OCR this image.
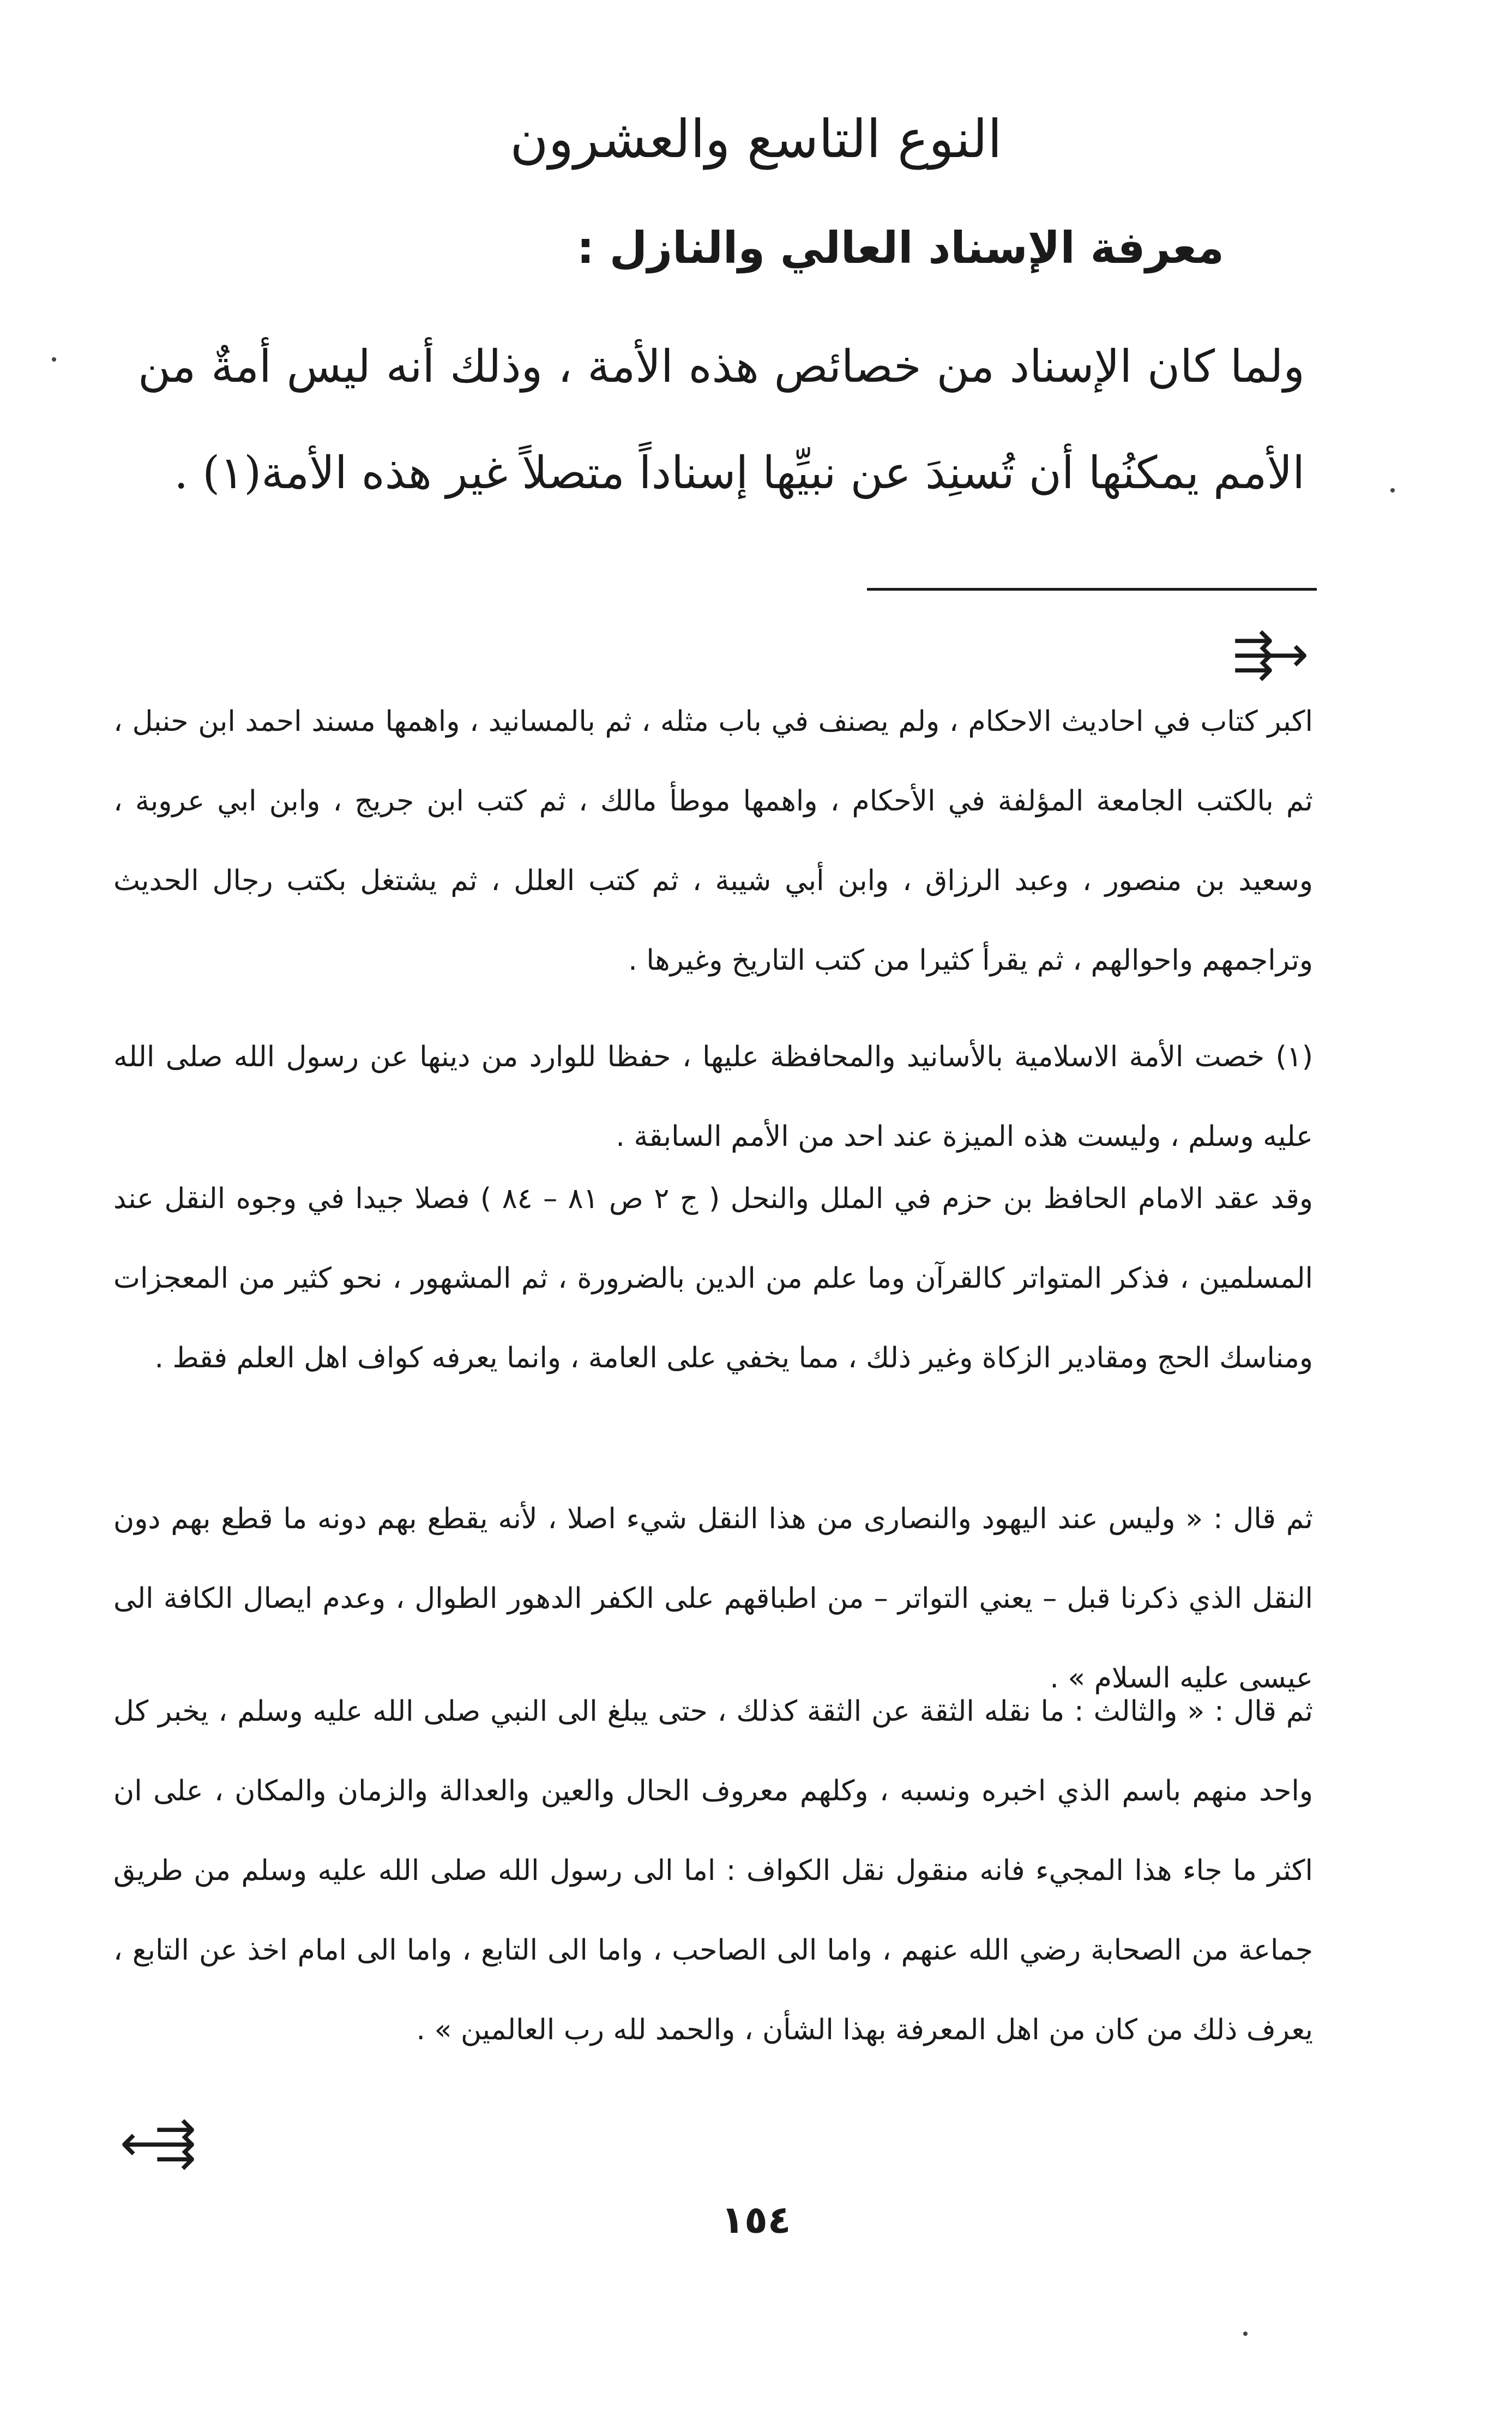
النوع التاسع والعشرون
معرفة الإسناد العالي والنازل :

ولما كان الإسناد من خصائص هذه الأمة ، وذلك أنه ليس أمةٌ من الأمم يمكنُها أن تُسنِدَ عن نبيِّها إسناداً متصلاً غير هذه الأمة(١) .

⇶→

اكبر كتاب في احاديث الاحكام ، ولم يصنف في باب مثله ، ثم بالمسانيد ، واهمها مسند احمد ابن حنبل ، ثم بالكتب الجامعة المؤلفة في الأحكام ، واهمها موطأ مالك ، ثم كتب ابن جريج ، وابن ابي عروبة ، وسعيد بن منصور ، وعبد الرزاق ، وابن أبي شيبة ، ثم كتب العلل ، ثم يشتغل بكتب رجال الحديث وتراجمهم واحوالهم ، ثم يقرأ كثيرا من كتب التاريخ وغيرها .

(١) خصت الأمة الاسلامية بالأسانيد والمحافظة عليها ، حفظا للوارد من دينها عن رسول الله صلى الله عليه وسلم ، وليست هذه الميزة عند احد من الأمم السابقة .

وقد عقد الامام الحافظ بن حزم في الملل والنحل ( ج ٢ ص ٨١ – ٨٤ ) فصلا جيدا في وجوه النقل عند المسلمين ، فذكر المتواتر كالقرآن وما علم من الدين بالضرورة ، ثم المشهور ، نحو كثير من المعجزات ومناسك الحج ومقادير الزكاة وغير ذلك ، مما يخفي على العامة ، وانما يعرفه كواف اهل العلم فقط .

ثم قال : « وليس عند اليهود والنصارى من هذا النقل شيء اصلا ، لأنه يقطع بهم دونه ما قطع بهم دون النقل الذي ذكرنا قبل – يعني التواتر – من اطباقهم على الكفر الدهور الطوال ، وعدم ايصال الكافة الى عيسى عليه السلام » .

ثم قال : « والثالث : ما نقله الثقة عن الثقة كذلك ، حتى يبلغ الى النبي صلى الله عليه وسلم ، يخبر كل واحد منهم باسم الذي اخبره ونسبه ، وكلهم معروف الحال والعين والعدالة والزمان والمكان ، على ان اكثر ما جاء هذا المجيء فانه منقول نقل الكواف : اما الى رسول الله صلى الله عليه وسلم من طريق جماعة من الصحابة رضي الله عنهم ، واما الى الصاحب ، واما الى التابع ، واما الى امام اخذ عن التابع ، يعرف ذلك من كان من اهل المعرفة بهذا الشأن ، والحمد لله رب العالمين » .

←⇶
١٥٤
